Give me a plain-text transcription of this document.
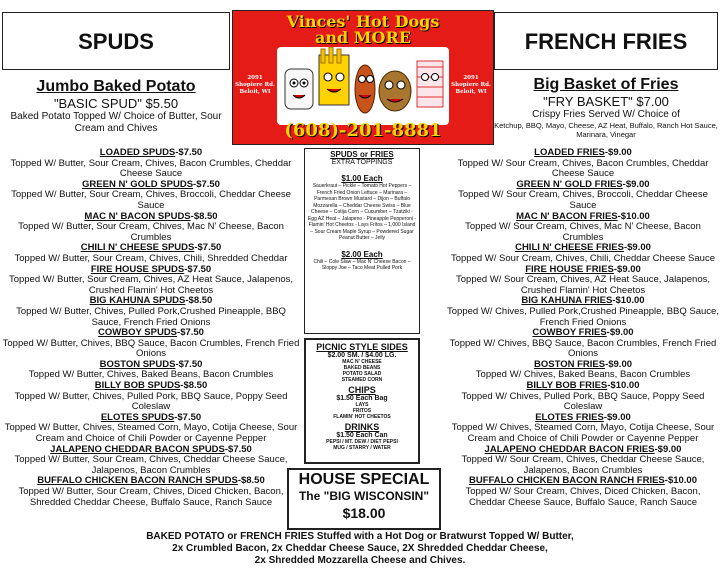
SPUDS
Vinces' Hot Dogs
and MORE
2091 Shopiere Rd. Beloit, WI
2091 Shopiere Rd. Beloit, WI
(608)-201-8881
FRENCH FRIES
Jumbo Baked Potato
"BASIC SPUD" $5.50
Baked Potato Topped W/ Choice of Butter, Sour Cream and Chives
Big Basket of Fries
"FRY BASKET" $7.00
Crispy Fries Served W/ Choice of
Ketchup, BBQ, Mayo, Cheese, AZ Heat, Buffalo, Ranch Hot Sauce, Marinara, Vinegar
LOADED SPUDS-$7.50
Topped W/ Butter, Sour Cream, Chives, Bacon Crumbles, Cheddar Cheese Sauce
GREEN N' GOLD SPUDS-$7.50
Topped W/ Butter, Sour Cream, Chives, Broccoli, Cheddar Cheese Sauce
MAC N' BACON SPUDS-$8.50
Topped W/ Butter, Sour Cream, Chives, Mac N' Cheese, Bacon Crumbles
CHILI N' CHEESE SPUDS-$7.50
Topped W/ Butter, Sour Cream, Chives, Chili, Shredded Cheddar
FIRE HOUSE SPUDS-$7.50
Topped W/ Butter, Sour Cream, Chives, AZ Heat Sauce, Jalapenos, Crushed Flamin' Hot Cheetos
BIG KAHUNA SPUDS-$8.50
Topped W/ Butter, Chives, Pulled Pork,Crushed Pineapple, BBQ Sauce, French Fried Onions
COWBOY SPUDS-$7.50
Topped W/ Butter, Chives, BBQ Sauce, Bacon Crumbles, French Fried Onions
BOSTON SPUDS-$7.50
Topped W/ Butter, Chives, Baked Beans, Bacon Crumbles
BILLY BOB SPUDS-$8.50
Topped W/ Butter, Chives, Pulled Pork, BBQ Sauce, Poppy Seed Coleslaw
ELOTES SPUDS-$7.50
Topped W/ Butter, Chives, Steamed Corn, Mayo, Cotija Cheese, Sour Cream and Choice of Chili Powder or Cayenne Pepper
JALAPENO CHEDDAR BACON SPUDS-$7.50
Topped W/ Butter, Sour Cream, Chives, Cheddar Cheese Sauce, Jalapenos, Bacon Crumbles
BUFFALO CHICKEN BACON RANCH SPUDS-$8.50
Topped W/ Butter, Sour Cream, Chives, Diced Chicken, Bacon, Shredded Cheddar Cheese, Buffalo Sauce, Ranch Sauce
SPUDS or FRIES
EXTRA TOPPINGS
$1.00 Each
Sauerkraut – Pickle – Tomato Hot Peppers – French Fried Onion Lettuce – Marinara – Parmesan Brown Mustard – Dijon – Buffalo Mozzarella – Cheddar Cheese Swiss – Blue Cheese – Cotija Corn – Cucumber – Tzatziki - Egg AZ Heat – Jalapeno - Pineapple Pepperoni - Flamin' Hot Cheetos - Lays Fritos – 1,000 Island – Sour Cream Maple Syrup – Powdered Sugar Peanut Butter – Jelly
$2.00 Each
Chili – Cole Slaw – Mac N' Cheese Bacon – Sloppy Joe – Taco Meat Pulled Pork
PICNIC STYLE SIDES
$2.00 SM. / $4.00 LG.
MAC N' CHEESE
BAKED BEANS
POTATO SALAD
STEAMED CORN
CHIPS
$1.50 Each Bag
LAYS
FRITOS
FLAMIN' HOT CHEETOS
DRINKS
$1.50 Each Can
PEPSI / MT. DEW / DIET PEPSI
MUG / STARRY / WATER
LOADED FRIES-$9.00
Topped W/ Sour Cream, Chives, Bacon Crumbles, Cheddar Cheese Sauce
GREEN N' GOLD FRIES-$9.00
Topped W/ Sour Cream, Chives, Broccoli, Cheddar Cheese Sauce
MAC N' BACON FRIES-$10.00
Topped W/ Sour Cream, Chives, Mac N' Cheese, Bacon Crumbles
CHILI N' CHEESE FRIES-$9.00
Topped W/ Sour Cream, Chives, Chili, Cheddar Cheese Sauce
FIRE HOUSE FRIES-$9.00
Topped W/ Sour Cream, Chives, AZ Heat Sauce, Jalapenos, Crushed Flamin' Hot Cheetos
BIG KAHUNA FRIES-$10.00
Topped W/ Chives, Pulled Pork,Crushed Pineapple, BBQ Sauce, French Fried Onions
COWBOY FRIES-$9.00
Topped W/ Chives, BBQ Sauce, Bacon Crumbles, French Fried Onions
BOSTON FRIES-$9.00
Topped W/ Chives, Baked Beans, Bacon Crumbles
BILLY BOB FRIES-$10.00
Topped W/ Chives, Pulled Pork, BBQ Sauce, Poppy Seed Coleslaw
ELOTES FRIES-$9.00
Topped W/ Chives, Steamed Corn, Mayo, Cotija Cheese, Sour Cream and Choice of Chili Powder or Cayenne Pepper
JALAPENO CHEDDAR BACON FRIES-$9.00
Topped W/ Sour Cream, Chives, Cheddar Cheese Sauce, Jalapenos, Bacon Crumbles
BUFFALO CHICKEN BACON RANCH FRIES-$10.00
Topped W/ Sour Cream, Chives, Diced Chicken, Bacon, Cheddar Cheese Sauce, Buffalo Sauce, Ranch Sauce
HOUSE SPECIAL
The "BIG WISCONSIN"
$18.00
BAKED POTATO or FRENCH FRIES Stuffed with a Hot Dog or Bratwurst Topped W/ Butter,
2x Crumbled Bacon, 2x Cheddar Cheese Sauce, 2X Shredded Cheddar Cheese,
2x Shredded Mozzarella Cheese and Chives.
